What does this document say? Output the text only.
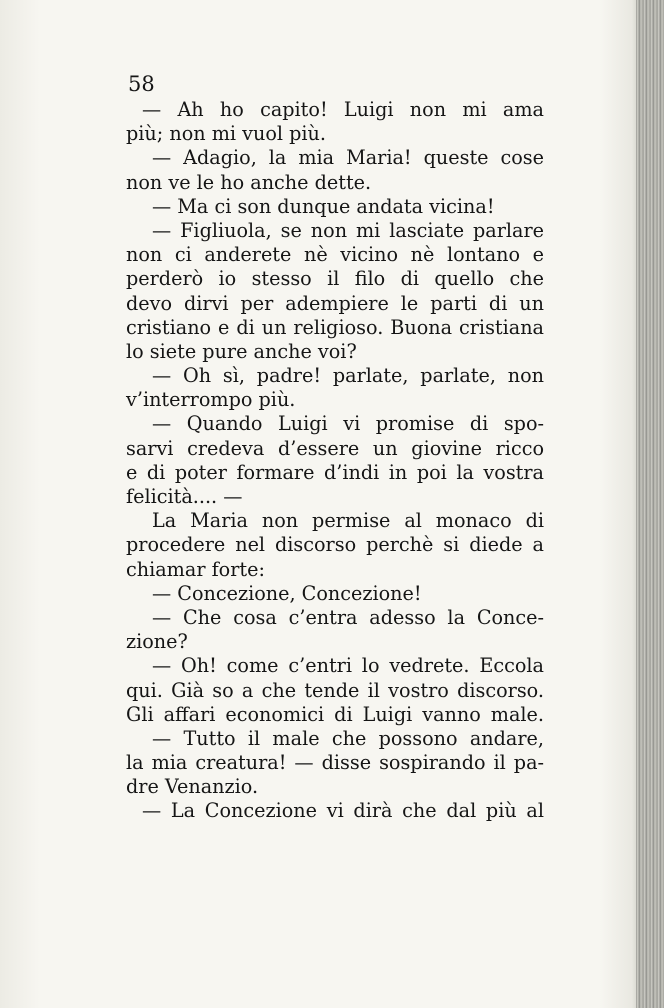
58
— Ah ho capito! Luigi non mi ama
più; non mi vuol più.
— Adagio, la mia Maria! queste cose
non ve le ho anche dette.
— Ma ci son dunque andata vicina!
— Figliuola, se non mi lasciate parlare
non ci anderete nè vicino nè lontano e
perderò io stesso il filo di quello che
devo dirvi per adempiere le parti di un
cristiano e di un religioso. Buona cristiana
lo siete pure anche voi?
— Oh sì, padre! parlate, parlate, non
v’interrompo più.
— Quando Luigi vi promise di spo-
sarvi credeva d’essere un giovine ricco
e di poter formare d’indi in poi la vostra
felicità.... —
La Maria non permise al monaco di
procedere nel discorso perchè si diede a
chiamar forte:
— Concezione, Concezione!
— Che cosa c’entra adesso la Conce-
zione?
— Oh! come c’entri lo vedrete. Eccola
qui. Già so a che tende il vostro discorso.
Gli affari economici di Luigi vanno male.
— Tutto il male che possono andare,
la mia creatura! — disse sospirando il pa-
dre Venanzio.
— La Concezione vi dirà che dal più al
